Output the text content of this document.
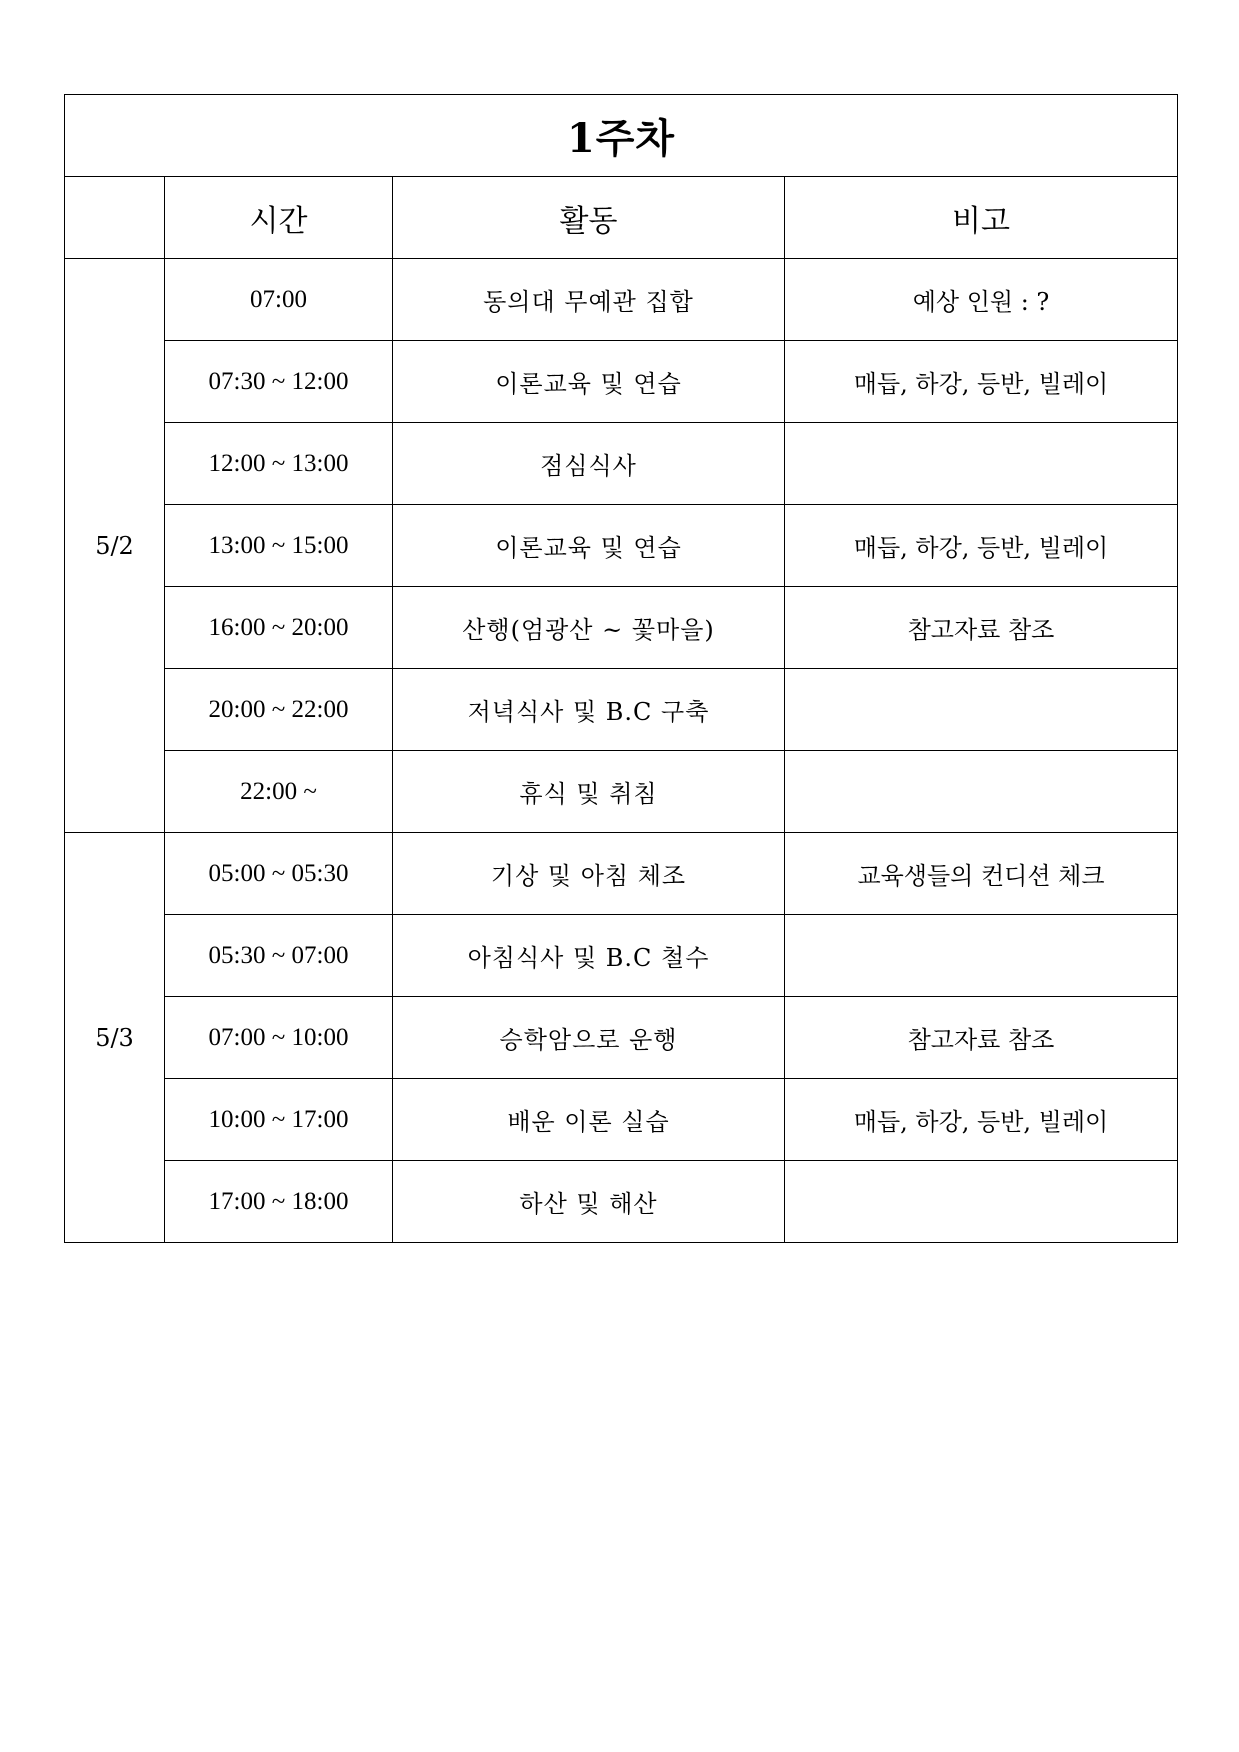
1주차			
	시간	활동	비고
5/2	07:00	동의대 무예관 집합	예상 인원 : ?
	07:30 ~ 12:00	이론교육 및 연습	매듭, 하강, 등반, 빌레이
	12:00 ~ 13:00	점심식사	
	13:00 ~ 15:00	이론교육 및 연습	매듭, 하강, 등반, 빌레이
	16:00 ~ 20:00	산행(엄광산 ~ 꽃마을)	참고자료 참조
	20:00 ~ 22:00	저녁식사 및 B.C 구축	
	22:00 ~	휴식 및 취침	
5/3	05:00 ~ 05:30	기상 및 아침 체조	교육생들의 컨디션 체크
	05:30 ~ 07:00	아침식사 및 B.C 철수	
	07:00 ~ 10:00	승학암으로 운행	참고자료 참조
	10:00 ~ 17:00	배운 이론 실습	매듭, 하강, 등반, 빌레이
	17:00 ~ 18:00	하산 및 해산	
